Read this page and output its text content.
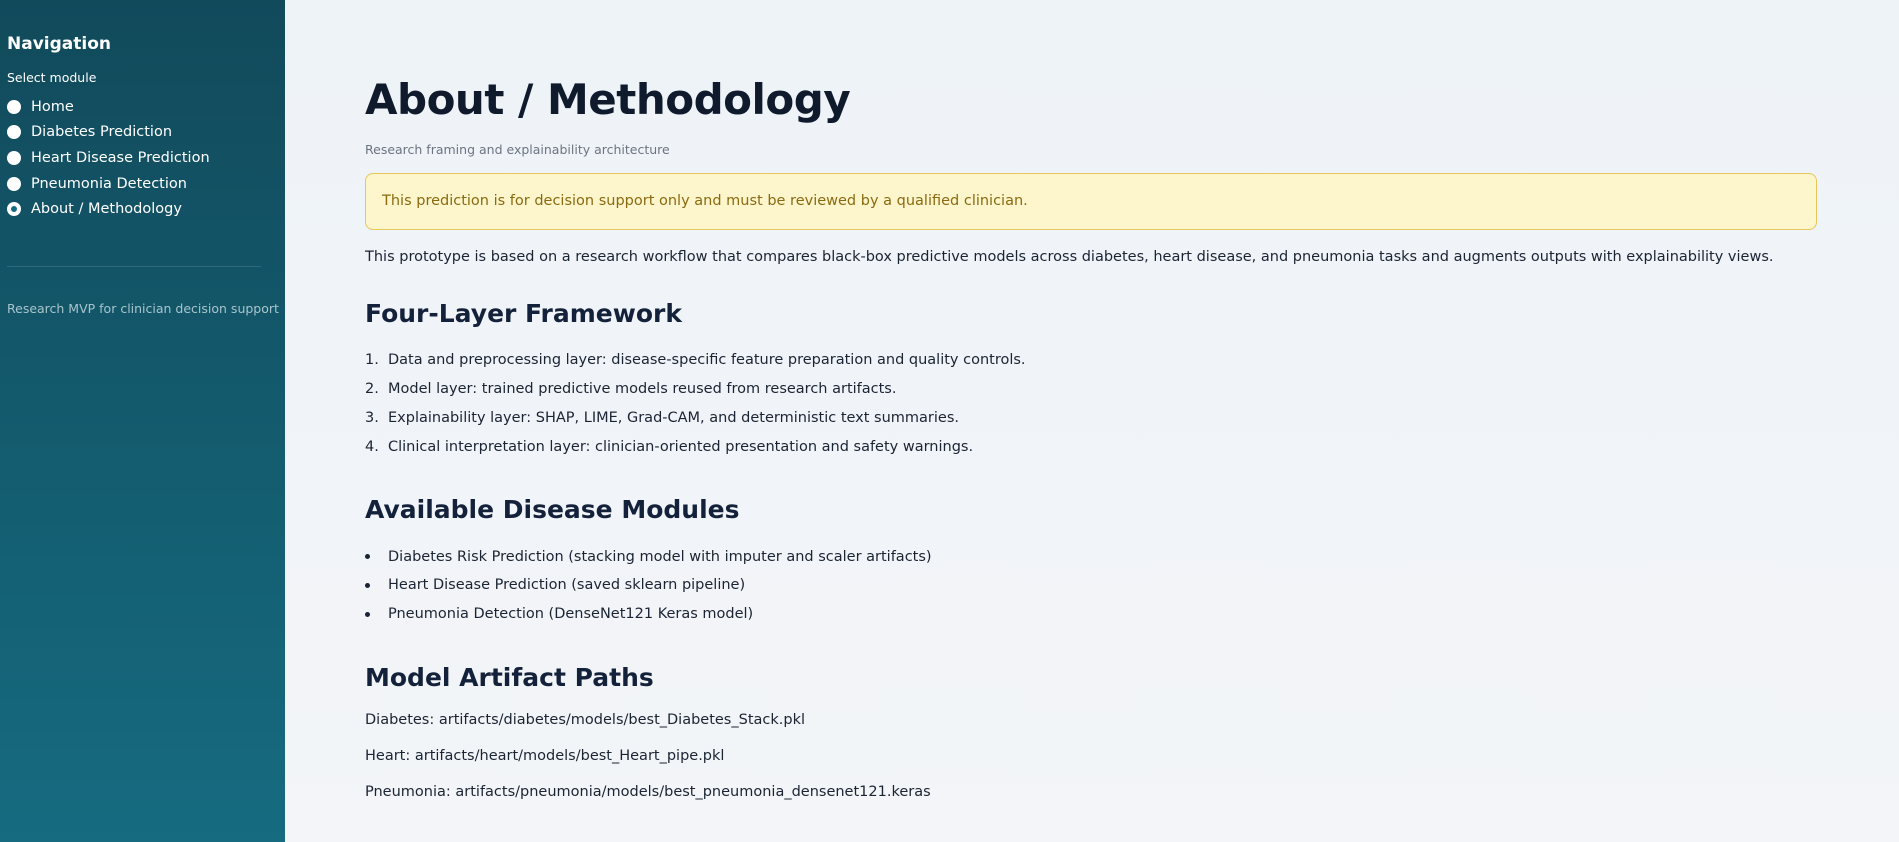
Navigation
Select module
Home
Diabetes Prediction
Heart Disease Prediction
Pneumonia Detection
About / Methodology
Research MVP for clinician decision support
About / Methodology
Research framing and explainability architecture
This prediction is for decision support only and must be reviewed by a qualified clinician.

This prototype is based on a research workflow that compares black-box predictive models across diabetes, heart disease, and pneumonia tasks and augments outputs with explainability views.

Four-Layer Framework
1. Data and preprocessing layer: disease-specific feature preparation and quality controls.
2. Model layer: trained predictive models reused from research artifacts.
3. Explainability layer: SHAP, LIME, Grad-CAM, and deterministic text summaries.
4. Clinical interpretation layer: clinician-oriented presentation and safety warnings.
Available Disease Modules
Diabetes Risk Prediction (stacking model with imputer and scaler artifacts)
Heart Disease Prediction (saved sklearn pipeline)
Pneumonia Detection (DenseNet121 Keras model)
Model Artifact Paths

Diabetes: artifacts/diabetes/models/best_Diabetes_Stack.pkl

Heart: artifacts/heart/models/best_Heart_pipe.pkl

Pneumonia: artifacts/pneumonia/models/best_pneumonia_densenet121.keras
